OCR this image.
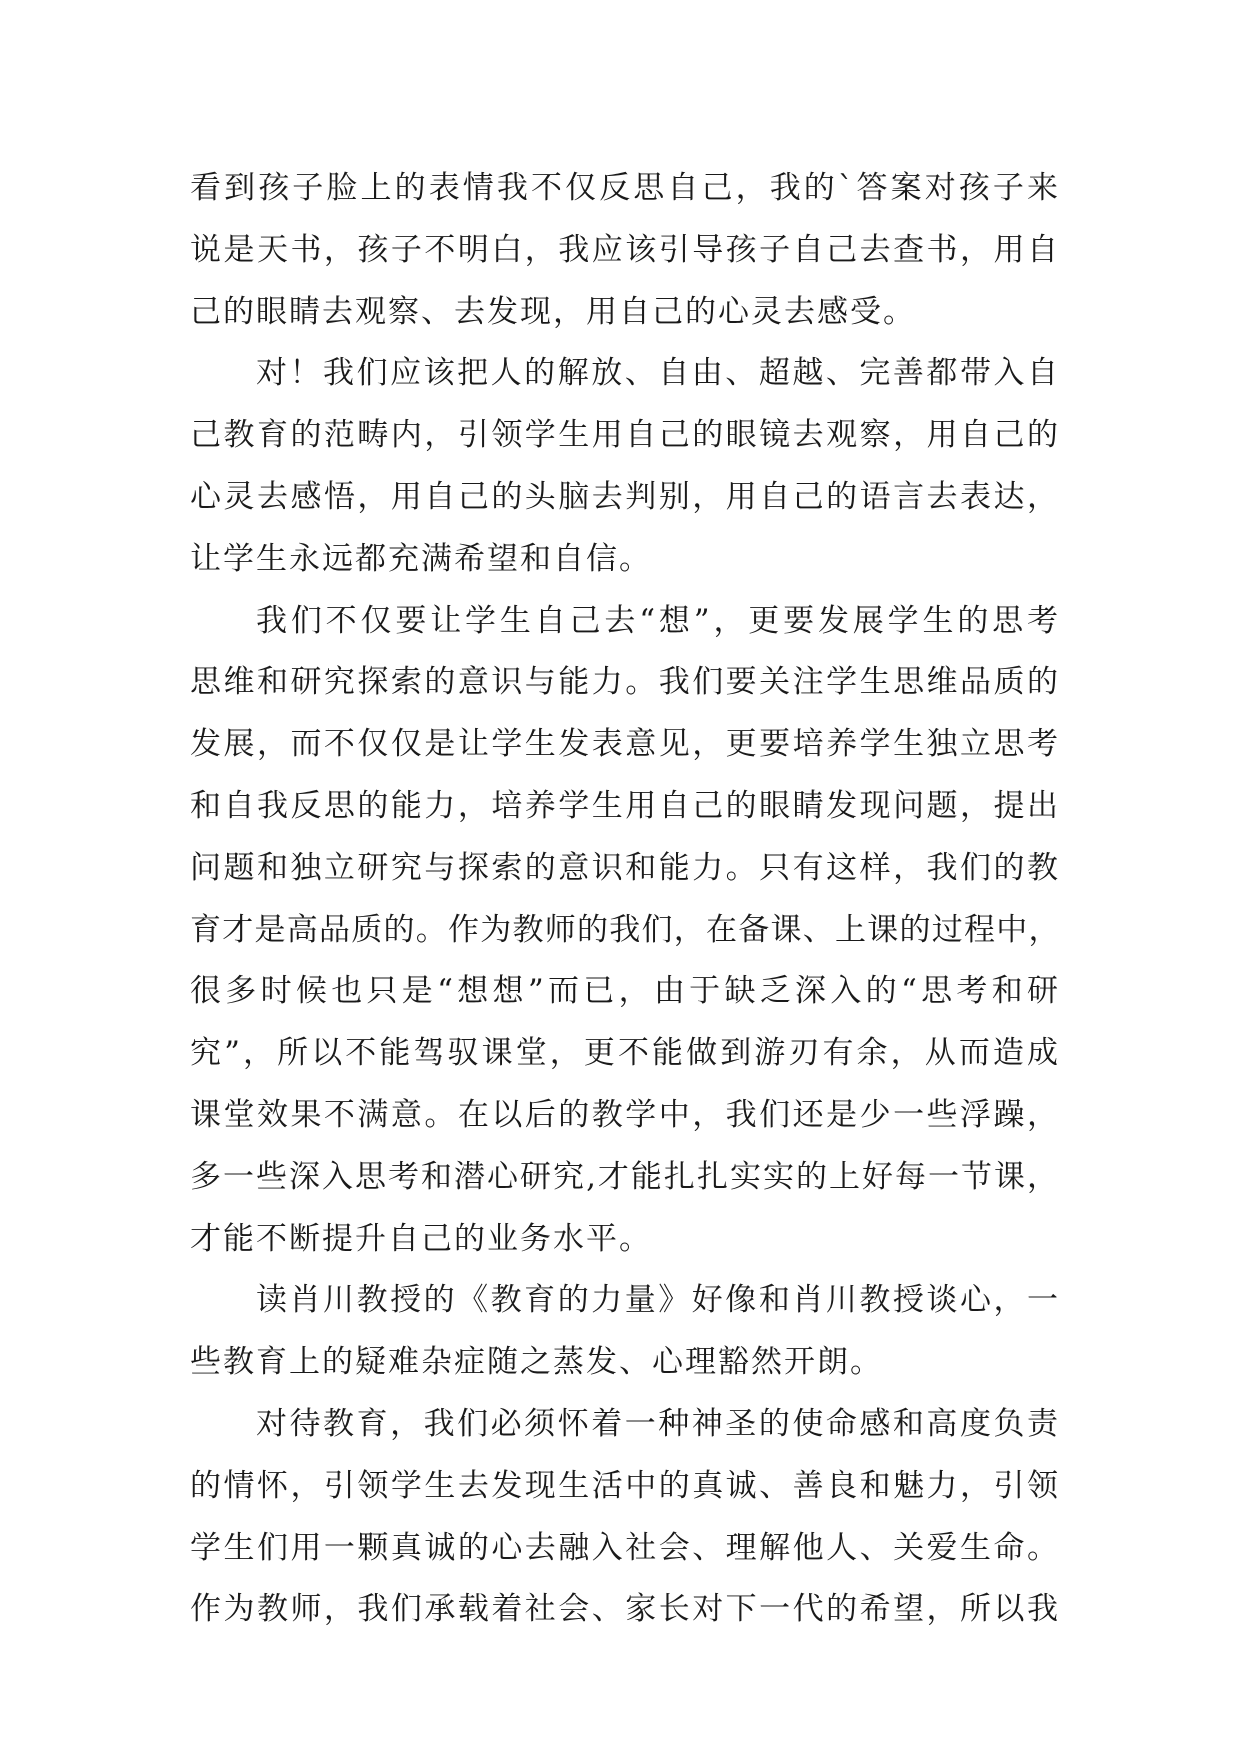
看到孩子脸上的表情我不仅反思自己，我的`答案对孩子来
说是天书，孩子不明白，我应该引导孩子自己去查书，用自
己的眼睛去观察、去发现，用自己的心灵去感受。
对！我们应该把人的解放、自由、超越、完善都带入自
己教育的范畴内，引领学生用自己的眼镜去观察，用自己的
心灵去感悟，用自己的头脑去判别，用自己的语言去表达，
让学生永远都充满希望和自信。
我们不仅要让学生自己去“想”，更要发展学生的思考
思维和研究探索的意识与能力。我们要关注学生思维品质的
发展，而不仅仅是让学生发表意见，更要培养学生独立思考
和自我反思的能力，培养学生用自己的眼睛发现问题，提出
问题和独立研究与探索的意识和能力。只有这样，我们的教
育才是高品质的。作为教师的我们，在备课、上课的过程中，
很多时候也只是“想想”而已，由于缺乏深入的“思考和研
究”，所以不能驾驭课堂，更不能做到游刃有余，从而造成
课堂效果不满意。在以后的教学中，我们还是少一些浮躁，
多一些深入思考和潜心研究,才能扎扎实实的上好每一节课，
才能不断提升自己的业务水平。
读肖川教授的《教育的力量》好像和肖川教授谈心，一
些教育上的疑难杂症随之蒸发、心理豁然开朗。
对待教育，我们必须怀着一种神圣的使命感和高度负责
的情怀，引领学生去发现生活中的真诚、善良和魅力，引领
学生们用一颗真诚的心去融入社会、理解他人、关爱生命。
作为教师，我们承载着社会、家长对下一代的希望，所以我
